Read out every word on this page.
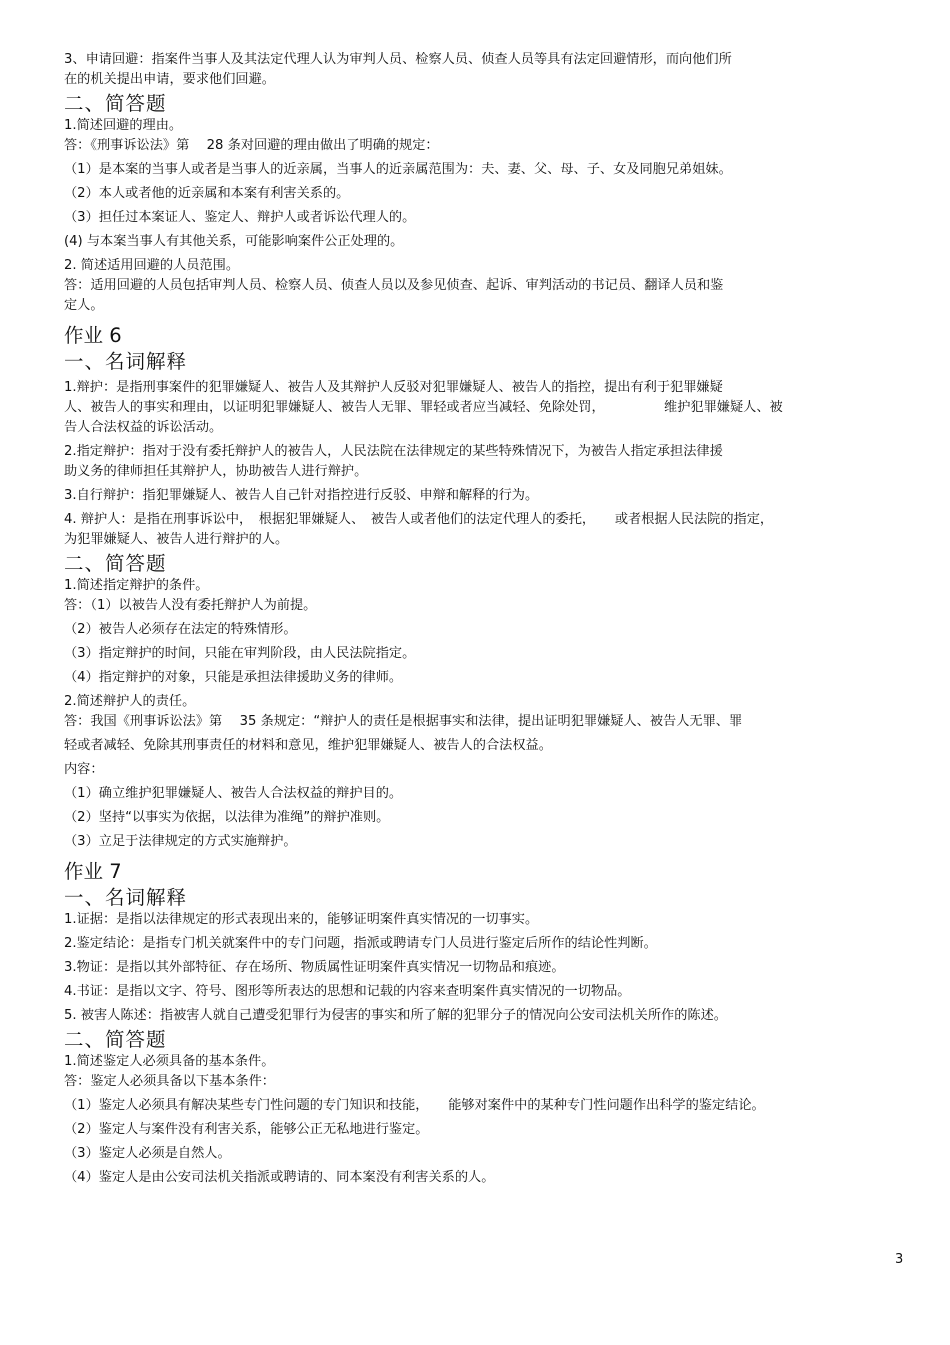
3、申请回避：指案件当事人及其法定代理人认为审判人员、检察人员、侦查人员等具有法定回避情形，而向他们所
在的机关提出申请，要求他们回避。
二、简答题
1.简述回避的理由。
答：《刑事诉讼法》第　 28 条对回避的理由做出了明确的规定：
（1）是本案的当事人或者是当事人的近亲属，当事人的近亲属范围为：夫、妻、父、母、子、女及同胞兄弟姐妹。
（2）本人或者他的近亲属和本案有利害关系的。
（3）担任过本案证人、鉴定人、辩护人或者诉讼代理人的。
(4) 与本案当事人有其他关系，可能影响案件公正处理的。
2. 简述适用回避的人员范围。
答：适用回避的人员包括审判人员、检察人员、侦查人员以及参见侦查、起诉、审判活动的书记员、翻译人员和鉴
定人。
作业 6
一、名词解释
1.辩护：是指刑事案件的犯罪嫌疑人、被告人及其辩护人反驳对犯罪嫌疑人、被告人的指控，提出有利于犯罪嫌疑
人、被告人的事实和理由，以证明犯罪嫌疑人、被告人无罪、罪轻或者应当减轻、免除处罚，　　　　　维护犯罪嫌疑人、被
告人合法权益的诉讼活动。
2.指定辩护：指对于没有委托辩护人的被告人，人民法院在法律规定的某些特殊情况下，为被告人指定承担法律援
助义务的律师担任其辩护人，协助被告人进行辩护。
3.自行辩护：指犯罪嫌疑人、被告人自己针对指控进行反驳、申辩和解释的行为。
4. 辩护人：是指在刑事诉讼中，　根据犯罪嫌疑人、　被告人或者他们的法定代理人的委托，　　或者根据人民法院的指定，
为犯罪嫌疑人、被告人进行辩护的人。
二、简答题
1.简述指定辩护的条件。
答：（1）以被告人没有委托辩护人为前提。
（2）被告人必须存在法定的特殊情形。
（3）指定辩护的时间，只能在审判阶段，由人民法院指定。
（4）指定辩护的对象，只能是承担法律援助义务的律师。
2.简述辩护人的责任。
答：我国《刑事诉讼法》第　 35 条规定：“辩护人的责任是根据事实和法律，提出证明犯罪嫌疑人、被告人无罪、罪
轻或者减轻、免除其刑事责任的材料和意见，维护犯罪嫌疑人、被告人的合法权益。
内容：
（1）确立维护犯罪嫌疑人、被告人合法权益的辩护目的。
（2）坚持“以事实为依据，以法律为准绳”的辩护准则。
（3）立足于法律规定的方式实施辩护。
作业 7
一、名词解释
1.证据：是指以法律规定的形式表现出来的，能够证明案件真实情况的一切事实。
2.鉴定结论：是指专门机关就案件中的专门问题，指派或聘请专门人员进行鉴定后所作的结论性判断。
3.物证：是指以其外部特征、存在场所、物质属性证明案件真实情况一切物品和痕迹。
4.书证：是指以文字、符号、图形等所表达的思想和记载的内容来查明案件真实情况的一切物品。
5. 被害人陈述：指被害人就自己遭受犯罪行为侵害的事实和所了解的犯罪分子的情况向公安司法机关所作的陈述。
二、简答题
1.简述鉴定人必须具备的基本条件。
答：鉴定人必须具备以下基本条件：
（1）鉴定人必须具有解决某些专门性问题的专门知识和技能，　　能够对案件中的某种专门性问题作出科学的鉴定结论。
（2）鉴定人与案件没有利害关系，能够公正无私地进行鉴定。
（3）鉴定人必须是自然人。
（4）鉴定人是由公安司法机关指派或聘请的、同本案没有利害关系的人。
3
